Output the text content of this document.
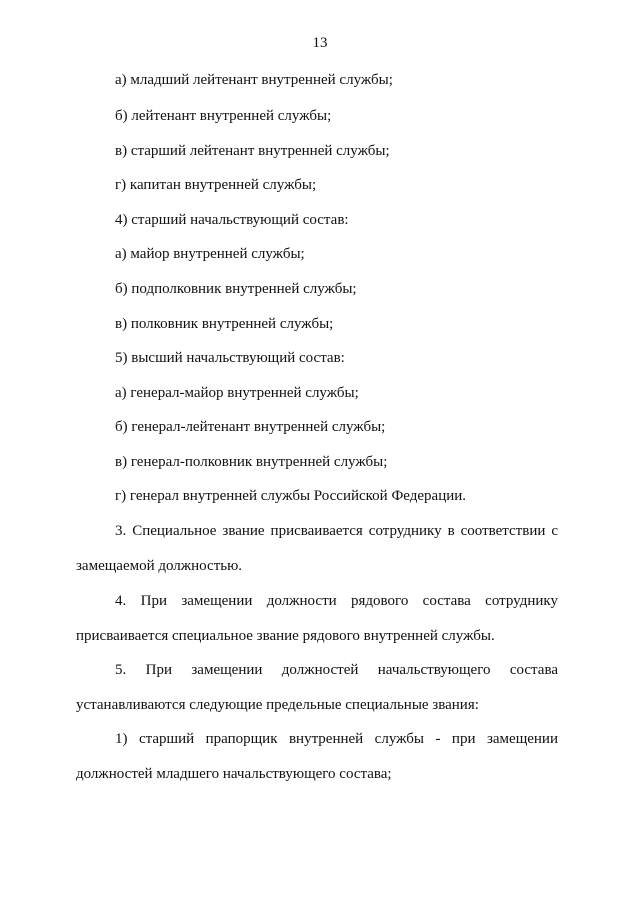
13
а) младший лейтенант внутренней службы;
б) лейтенант внутренней службы;
в) старший лейтенант внутренней службы;
г) капитан внутренней службы;
4) старший начальствующий состав:
а) майор внутренней службы;
б) подполковник внутренней службы;
в) полковник внутренней службы;
5) высший начальствующий состав:
а) генерал-майор внутренней службы;
б) генерал-лейтенант внутренней службы;
в) генерал-полковник внутренней службы;
г) генерал внутренней службы Российской Федерации.
3. Специальное звание присваивается сотруднику в соответствии с
замещаемой должностью.
4. При замещении должности рядового состава сотруднику
присваивается специальное звание рядового внутренней службы.
5. При замещении должностей начальствующего состава
устанавливаются следующие предельные специальные звания:
1) старший прапорщик внутренней службы - при замещении
должностей младшего начальствующего состава;
